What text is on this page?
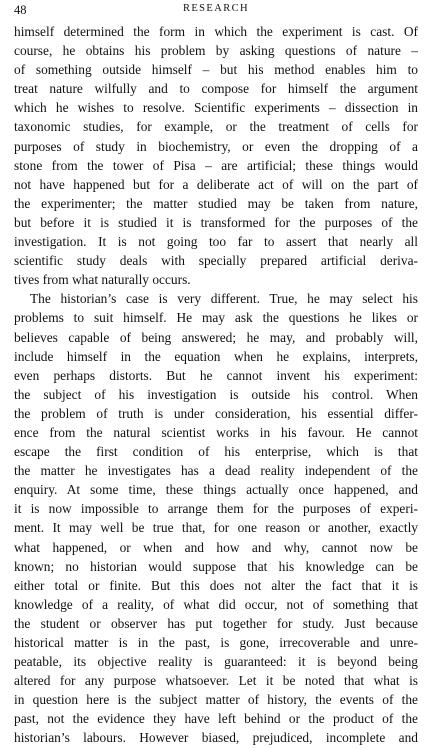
48	RESEARCH
himself determined the form in which the experiment is cast. Of
course, he obtains his problem by asking questions of nature –
of something outside himself – but his method enables him to
treat nature wilfully and to compose for himself the argument
which he wishes to resolve. Scientific experiments – dissection in
taxonomic studies, for example, or the treatment of cells for
purposes of study in biochemistry, or even the dropping of a
stone from the tower of Pisa – are artificial; these things would
not have happened but for a deliberate act of will on the part of
the experimenter; the matter studied may be taken from nature,
but before it is studied it is transformed for the purposes of the
investigation. It is not going too far to assert that nearly all
scientific study deals with specially prepared artificial deriva-
tives from what naturally occurs.
The historian’s case is very different. True, he may select his
problems to suit himself. He may ask the questions he likes or
believes capable of being answered; he may, and probably will,
include himself in the equation when he explains, interprets,
even perhaps distorts. But he cannot invent his experiment:
the subject of his investigation is outside his control. When
the problem of truth is under consideration, his essential differ-
ence from the natural scientist works in his favour. He cannot
escape the first condition of his enterprise, which is that
the matter he investigates has a dead reality independent of the
enquiry. At some time, these things actually once happened, and
it is now impossible to arrange them for the purposes of experi-
ment. It may well be true that, for one reason or another, exactly
what happened, or when and how and why, cannot now be
known; no historian would suppose that his knowledge can be
either total or finite. But this does not alter the fact that it is
knowledge of a reality, of what did occur, not of something that
the student or observer has put together for study. Just because
historical matter is in the past, is gone, irrecoverable and unre-
peatable, its objective reality is guaranteed: it is beyond being
altered for any purpose whatsoever. Let it be noted that what is
in question here is the subject matter of history, the events of the
past, not the evidence they have left behind or the product of the
historian’s labours. However biased, prejudiced, incomplete and
